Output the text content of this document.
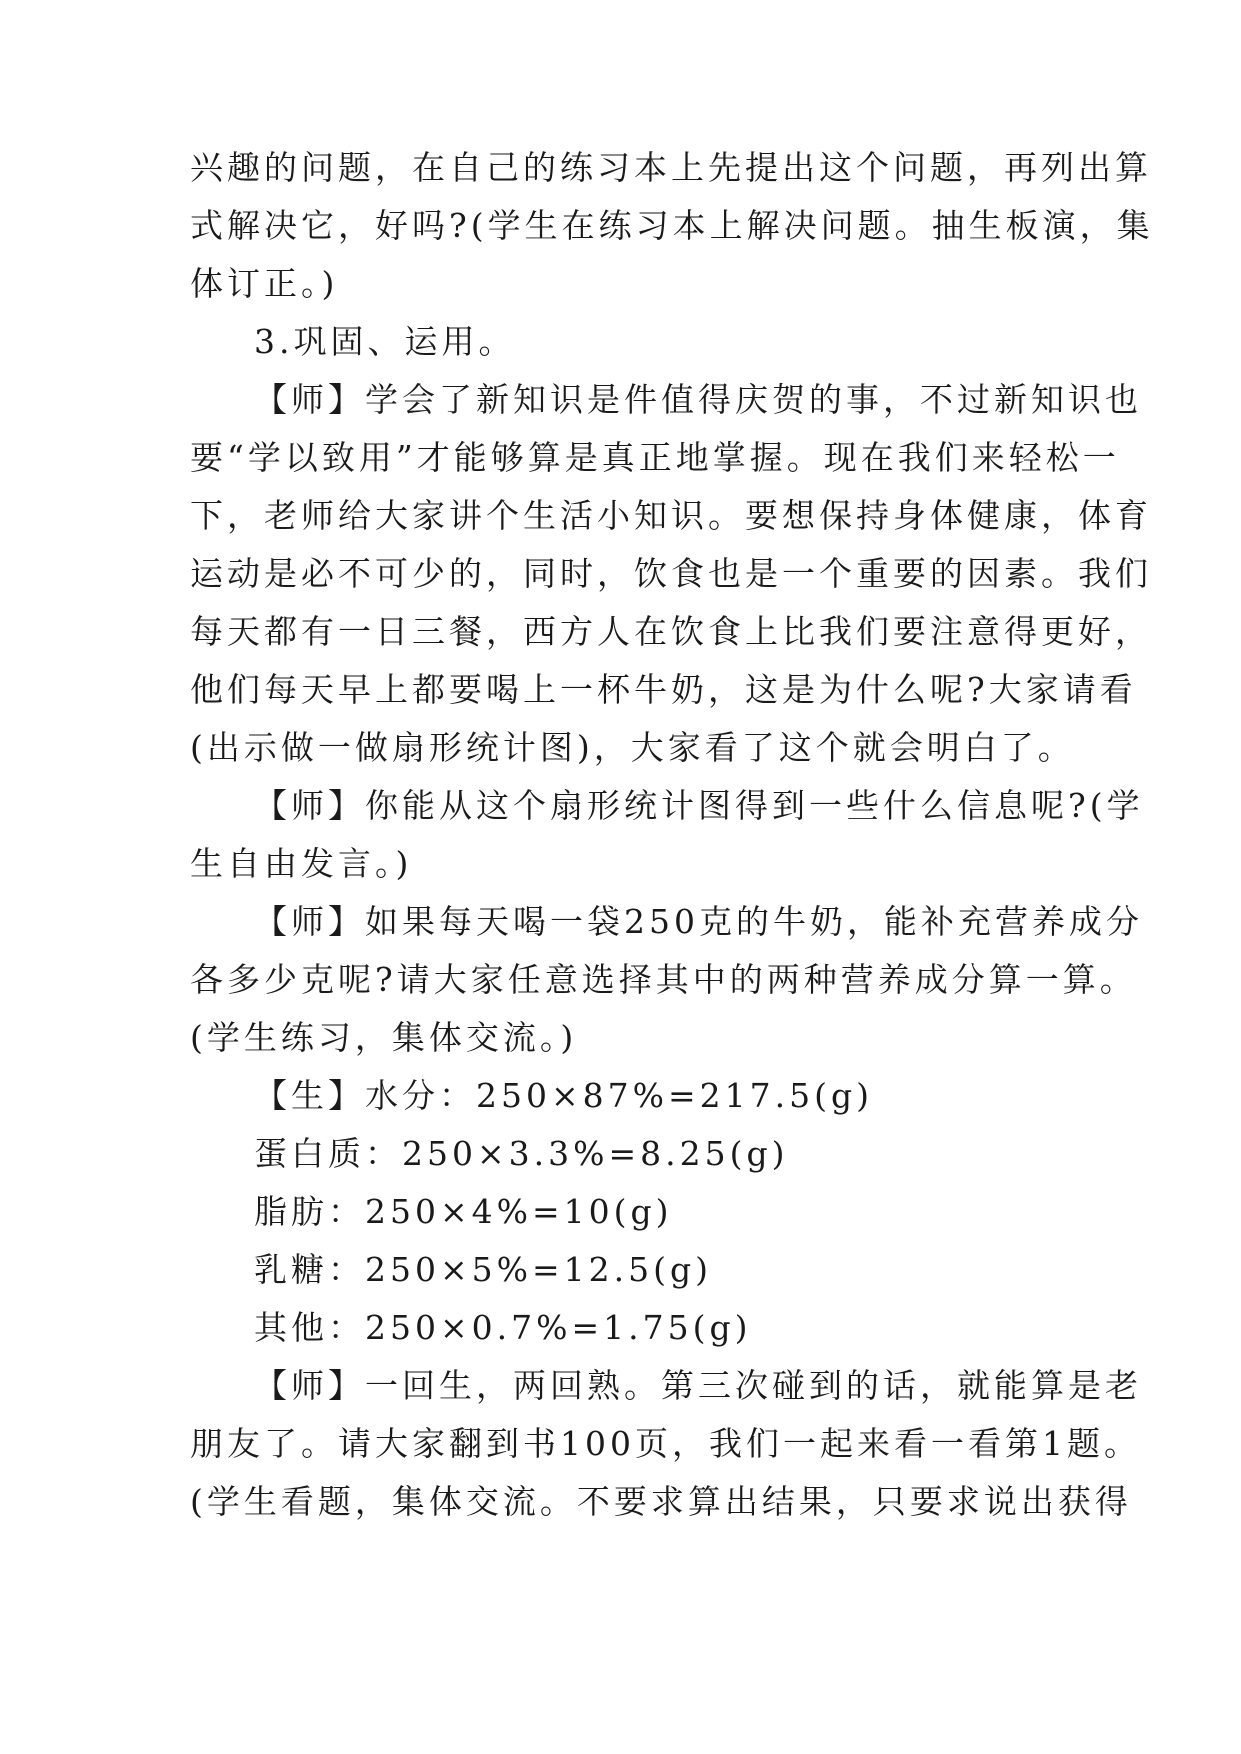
兴趣的问题，在自己的练习本上先提出这个问题，再列出算
式解决它，好吗?(学生在练习本上解决问题。抽生板演，集
体订正。)
3.巩固、运用。
【师】学会了新知识是件值得庆贺的事，不过新知识也
要“学以致用”才能够算是真正地掌握。现在我们来轻松一
下，老师给大家讲个生活小知识。要想保持身体健康，体育
运动是必不可少的，同时，饮食也是一个重要的因素。我们
每天都有一日三餐，西方人在饮食上比我们要注意得更好，
他们每天早上都要喝上一杯牛奶，这是为什么呢?大家请看
(出示做一做扇形统计图)，大家看了这个就会明白了。
【师】你能从这个扇形统计图得到一些什么信息呢?(学
生自由发言。)
【师】如果每天喝一袋250克的牛奶，能补充营养成分
各多少克呢?请大家任意选择其中的两种营养成分算一算。
(学生练习，集体交流。)
【生】水分：250×87%=217.5(g)
蛋白质：250×3.3%=8.25(g)
脂肪：250×4%=10(g)
乳糖：250×5%=12.5(g)
其他：250×0.7%=1.75(g)
【师】一回生，两回熟。第三次碰到的话，就能算是老
朋友了。请大家翻到书100页，我们一起来看一看第1题。
(学生看题，集体交流。不要求算出结果，只要求说出获得
